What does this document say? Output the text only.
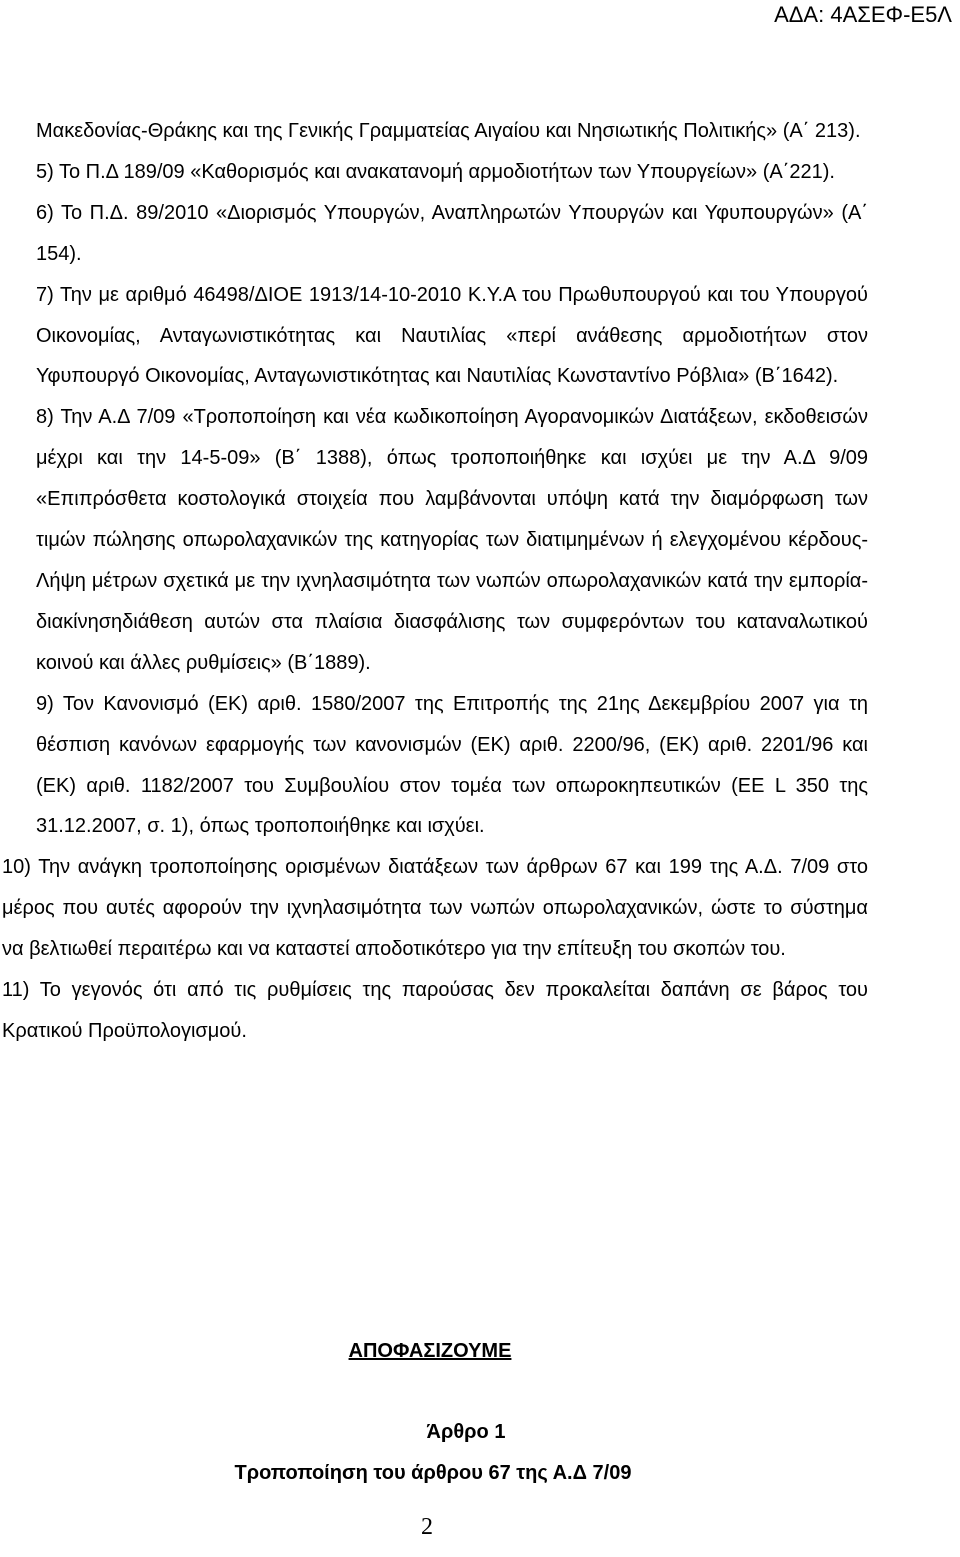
ΑΔΑ: 4ΑΣΕΦ-Ε5Λ

Μακεδονίας-Θράκης και της Γενικής Γραμματείας Αιγαίου και Νησιωτικής Πολιτικής» (Α΄ 213).

5) Το Π.Δ 189/09 «Καθορισμός και ανακατανομή αρμοδιοτήτων των Υπουργείων» (Α΄221).

6) Το Π.Δ. 89/2010 «Διορισμός Υπουργών, Αναπληρωτών Υπουργών και Υφυπουργών» (Α΄ 154).

7) Την με αριθμό 46498/ΔΙΟΕ 1913/14-10-2010 Κ.Υ.Α του Πρωθυπουργού και του Υπουργού Οικονομίας, Ανταγωνιστικότητας και Ναυτιλίας «περί ανάθεσης αρμοδιοτήτων στον Υφυπουργό Οικονομίας, Ανταγωνιστικότητας και Ναυτιλίας Κωνσταντίνο Ρόβλια» (Β΄1642).

8) Την Α.Δ 7/09 «Τροποποίηση και νέα κωδικοποίηση Αγορανομικών Διατάξεων, εκδοθεισών μέχρι και την 14-5-09» (Β΄ 1388), όπως τροποποιήθηκε και ισχύει με την Α.Δ 9/09 «Επιπρόσθετα κοστολογικά στοιχεία που λαμβάνονται υπόψη κατά την διαμόρφωση των τιμών πώλησης οπωρολαχανικών της κατηγορίας των διατιμημένων ή ελεγχομένου κέρδους- Λήψη μέτρων σχετικά με την ιχνηλασιμότητα των νωπών οπωρολαχανικών κατά την εμπορία- διακίνησηδιάθεση αυτών στα πλαίσια διασφάλισης των συμφερόντων του καταναλωτικού κοινού και άλλες ρυθμίσεις» (Β΄1889).

9) Τον Κανονισμό (ΕΚ) αριθ. 1580/2007 της Επιτροπής της 21ης Δεκεμβρίου 2007 για τη θέσπιση κανόνων εφαρμογής των κανονισμών (ΕΚ) αριθ. 2200/96, (ΕΚ) αριθ. 2201/96 και (ΕΚ) αριθ. 1182/2007 του Συμβουλίου στον τομέα των οπωροκηπευτικών (ΕΕ L 350 της 31.12.2007, σ. 1), όπως τροποποιήθηκε και ισχύει.

10) Την ανάγκη τροποποίησης ορισμένων διατάξεων των άρθρων 67 και 199 της Α.Δ. 7/09 στο μέρος που αυτές αφορούν την ιχνηλασιμότητα των νωπών οπωρολαχανικών, ώστε το σύστημα να βελτιωθεί περαιτέρω και να καταστεί αποδοτικότερο για την επίτευξη του σκοπών του.

11) Το γεγονός ότι από τις ρυθμίσεις της παρούσας δεν προκαλείται δαπάνη σε βάρος του Κρατικού Προϋπολογισμού.

ΑΠΟΦΑΣΙΖΟΥΜΕ
Άρθρο 1
Τροποποίηση του άρθρου 67 της Α.Δ 7/09
2
